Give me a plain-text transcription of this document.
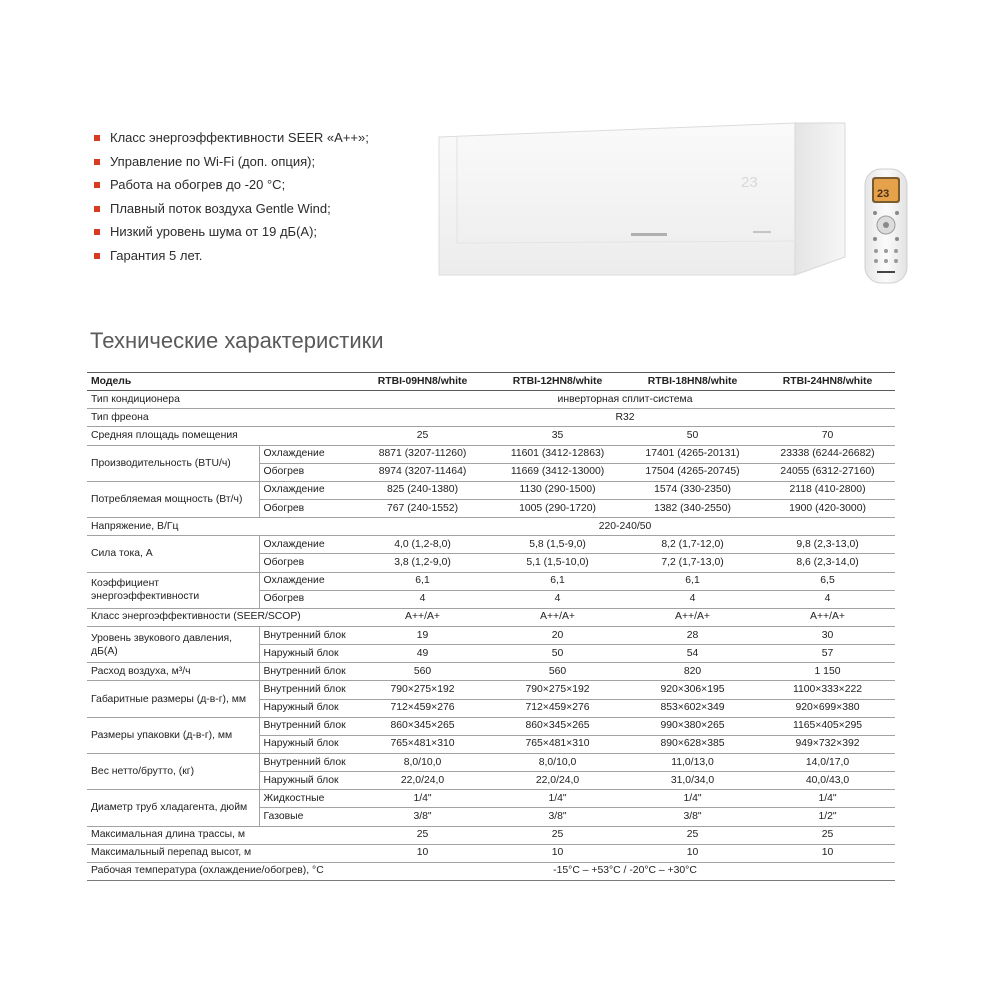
Класс энергоэффективности SEER «A++»;
Управление по Wi-Fi (доп. опция);
Работа на обогрев до -20 °C;
Плавный поток воздуха Gentle Wind;
Низкий уровень шума от 19 дБ(А);
Гарантия 5 лет.
23
23
Технические характеристики
Модель		RTBI-09HN8/white	RTBI-12HN8/white	RTBI-18HN8/white	RTBI-24HN8/white
Тип кондиционера		инверторная сплит-система			
Тип фреона		R32			
Средняя площадь помещения		25	35	50	70
Производительность (BTU/ч)	Охлаждение	8871 (3207-11260)	11601 (3412-12863)	17401 (4265-20131)	23338 (6244-26682)
	Обогрев	8974 (3207-11464)	11669 (3412-13000)	17504 (4265-20745)	24055 (6312-27160)
Потребляемая мощность (Вт/ч)	Охлаждение	825 (240-1380)	1130 (290-1500)	1574 (330-2350)	2118 (410-2800)
	Обогрев	767 (240-1552)	1005 (290-1720)	1382 (340-2550)	1900 (420-3000)
Напряжение, В/Гц		220-240/50			
Сила тока, А	Охлаждение	4,0 (1,2-8,0)	5,8 (1,5-9,0)	8,2 (1,7-12,0)	9,8 (2,3-13,0)
	Обогрев	3,8 (1,2-9,0)	5,1 (1,5-10,0)	7,2 (1,7-13,0)	8,6 (2,3-14,0)
Коэффициент энергоэффективности	Охлаждение	6,1	6,1	6,1	6,5
	Обогрев	4	4	4	4
Класс энергоэффективности (SEER/SCOP)		A++/A+	A++/A+	A++/A+	A++/A+
Уровень звукового давления, дБ(А)	Внутренний блок	19	20	28	30
	Наружный блок	49	50	54	57
Расход воздуха, м³/ч	Внутренний блок	560	560	820	1 150
Габаритные размеры (д-в-г), мм	Внутренний блок	790×275×192	790×275×192	920×306×195	1100×333×222
	Наружный блок	712×459×276	712×459×276	853×602×349	920×699×380
Размеры упаковки (д-в-г), мм	Внутренний блок	860×345×265	860×345×265	990×380×265	1165×405×295
	Наружный блок	765×481×310	765×481×310	890×628×385	949×732×392
Вес нетто/брутто, (кг)	Внутренний блок	8,0/10,0	8,0/10,0	11,0/13,0	14,0/17,0
	Наружный блок	22,0/24,0	22,0/24,0	31,0/34,0	40,0/43,0
Диаметр труб хладагента, дюйм	Жидкостные	1/4"	1/4"	1/4"	1/4"
	Газовые	3/8"	3/8"	3/8"	1/2"
Максимальная длина трассы, м		25	25	25	25
Максимальный перепад высот, м		10	10	10	10
Рабочая температура (охлаждение/обогрев), °C		-15°C – +53°C / -20°C – +30°C			
